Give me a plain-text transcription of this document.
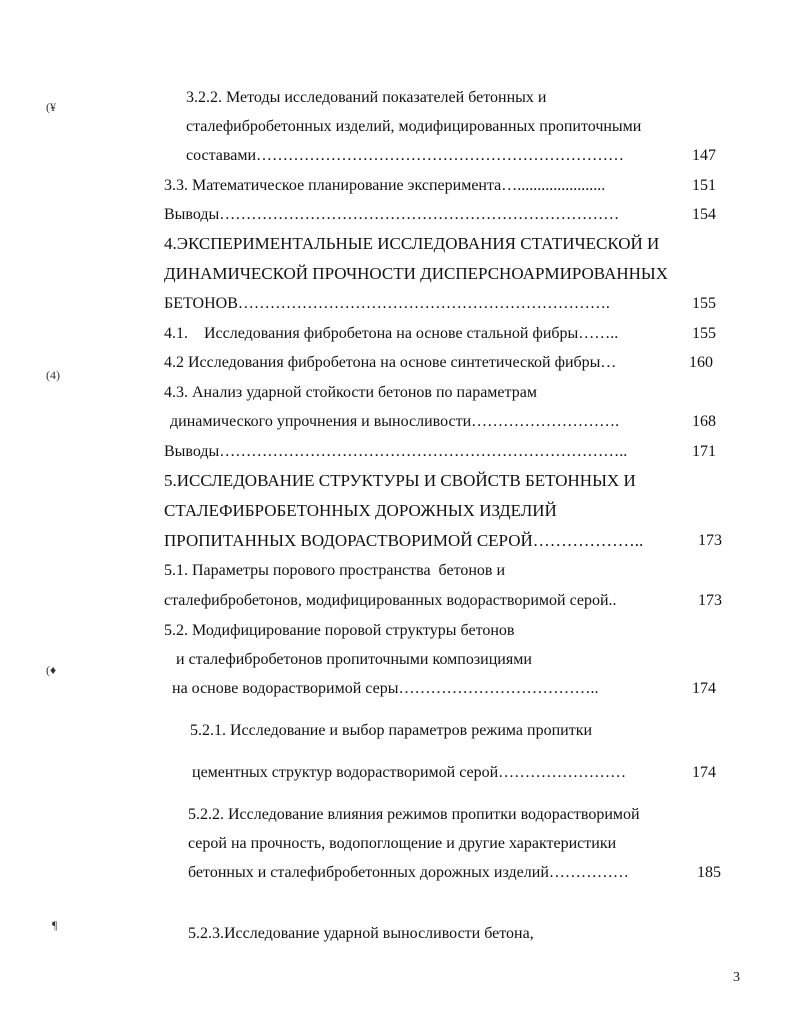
3.2.2. Методы исследований показателей бетонных и
сталефибробетонных изделий, модифицированных пропиточными
составами……………………………………………………………	147
3.3. Математическое планирование эксперимента…......................	151
Выводы…………………………………………………………………	154
4.ЭКСПЕРИМЕНТАЛЬНЫЕ ИССЛЕДОВАНИЯ СТАТИЧЕСКОЙ И
ДИНАМИЧЕСКОЙ ПРОЧНОСТИ ДИСПЕРСНОАРМИРОВАННЫХ
БЕТОНОВ…………………………………………………………….	155
4.1.    Исследования фибробетона на основе стальной фибры……..	155
4.2 Исследования фибробетона на основе синтетической фибры…	160
4.3. Анализ ударной стойкости бетонов по параметрам
динамического упрочнения и выносливости……………………….	168
Выводы…………………………………………………………………..	171
5.ИССЛЕДОВАНИЕ СТРУКТУРЫ И СВОЙСТВ БЕТОННЫХ И
СТАЛЕФИБРОБЕТОННЫХ ДОРОЖНЫХ ИЗДЕЛИЙ
ПРОПИТАННЫХ ВОДОРАСТВОРИМОЙ СЕРОЙ………………..	173
5.1. Параметры порового пространства  бетонов и
сталефибробетонов, модифицированных водорастворимой серой..	173
5.2. Модифицирование поровой структуры бетонов
и сталефибробетонов пропиточными композициями
на основе водорастворимой серы………………………………..	174
5.2.1. Исследование и выбор параметров режима пропитки
цементных структур водорастворимой серой……………………	174
5.2.2. Исследование влияния режимов пропитки водорастворимой
серой на прочность, водопоглощение и другие характеристики
бетонных и сталефибробетонных дорожных изделий……………	185
5.2.3.Исследование ударной выносливости бетона,
(¥
(4)
(♦
¶
3
